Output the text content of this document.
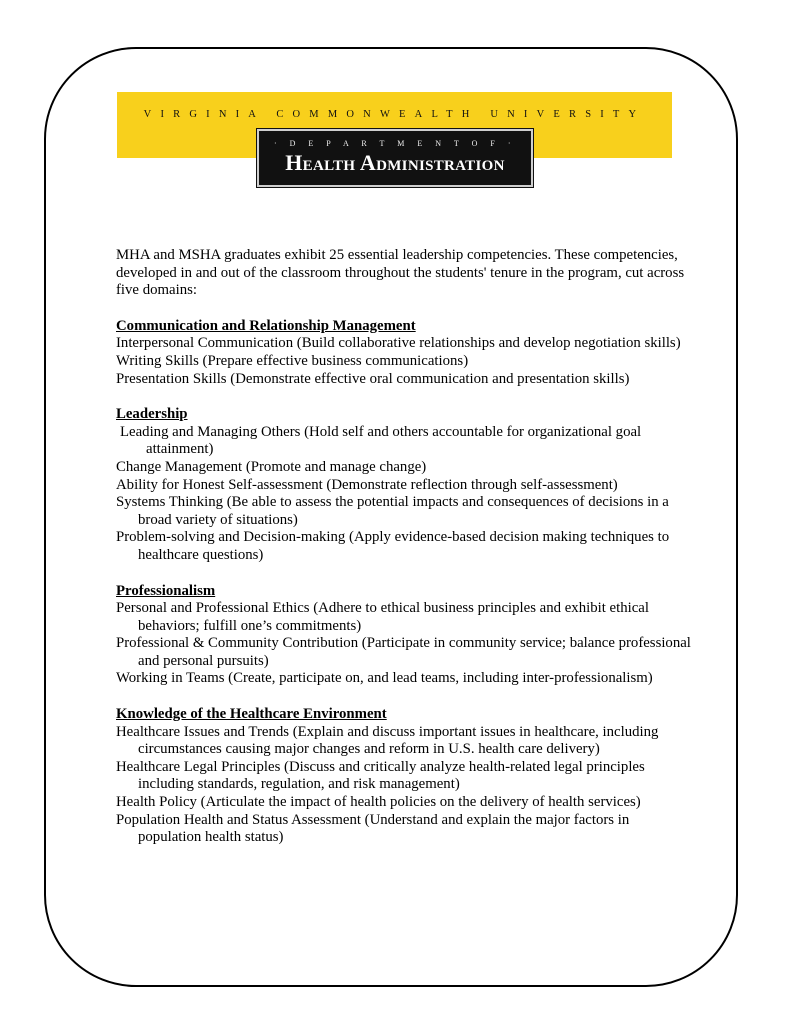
VIRGINIA COMMONWEALTH UNIVERSITY
· D E P A R T M E N T O F ·
Health Administration

MHA and MSHA graduates exhibit 25 essential leadership competencies. These competencies, developed in and out of the classroom throughout the students' tenure in the program, cut across five domains:

Communication and Relationship Management

Interpersonal Communication (Build collaborative relationships and develop negotiation skills)

Writing Skills (Prepare effective business communications)

Presentation Skills (Demonstrate effective oral communication and presentation skills)

Leadership

Leading and Managing Others (Hold self and others accountable for organizational goal attainment)

Change Management (Promote and manage change)

Ability for Honest Self-assessment (Demonstrate reflection through self-assessment)

Systems Thinking (Be able to assess the potential impacts and consequences of decisions in a broad variety of situations)

Problem-solving and Decision-making (Apply evidence-based decision making techniques to healthcare questions)

Professionalism

Personal and Professional Ethics (Adhere to ethical business principles and exhibit ethical behaviors; fulfill one’s commitments)

Professional & Community Contribution (Participate in community service; balance professional and personal pursuits)

Working in Teams (Create, participate on, and lead teams, including inter-professionalism)

Knowledge of the Healthcare Environment

Healthcare Issues and Trends (Explain and discuss important issues in healthcare, including circumstances causing major changes and reform in U.S. health care delivery)

Healthcare Legal Principles (Discuss and critically analyze health-related legal principles including standards, regulation, and risk management)

Health Policy (Articulate the impact of health policies on the delivery of health services)

Population Health and Status Assessment (Understand and explain the major factors in population health status)
